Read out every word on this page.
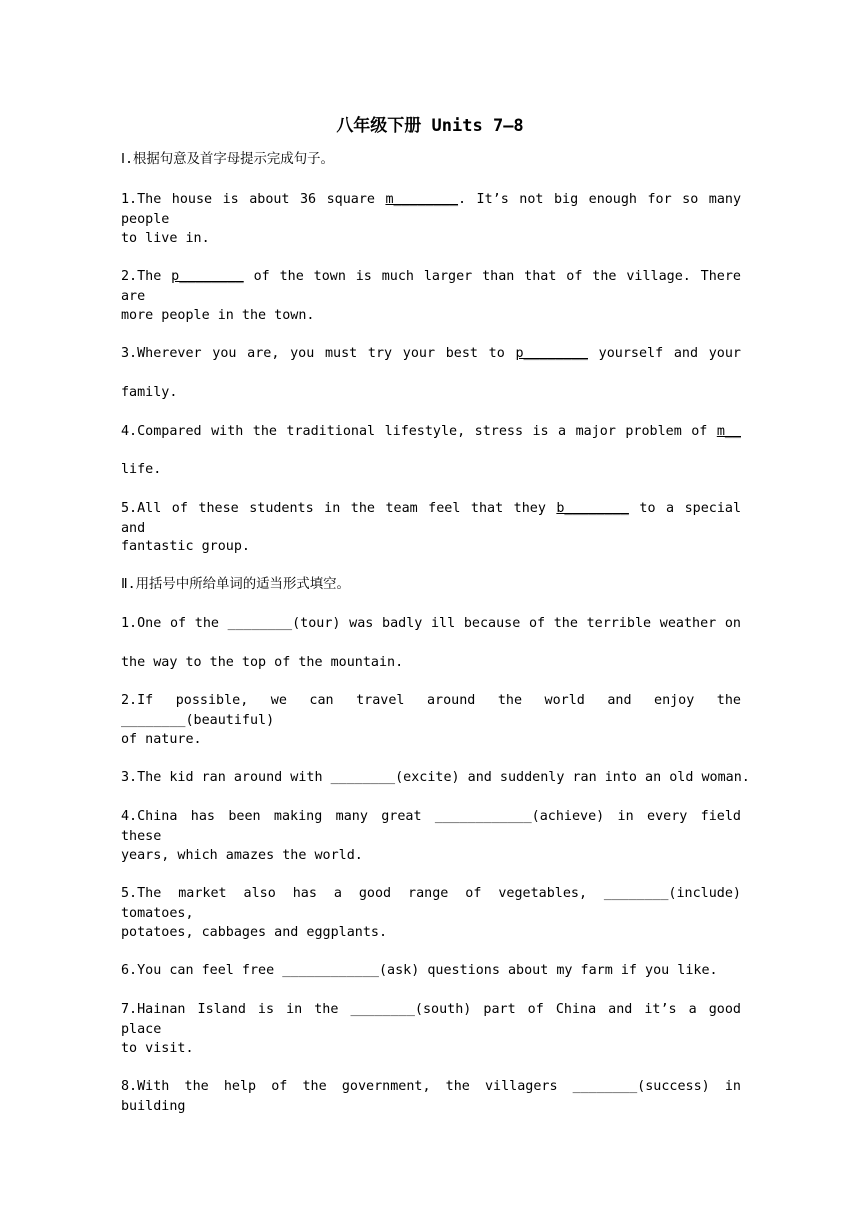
八年级下册 Units 7—8
Ⅰ.根据句意及首字母提示完成句子。
1.The house is about 36 square m________. It’s not big enough for so many people
to live in.
2.The p________ of the town is much larger than that of the village. There are
more people in the town.
3.Wherever you are, you must try your best to p________ yourself and your
family.
4.Compared with the traditional lifestyle, stress is a major problem of m__
life.
5.All of these students in the team feel that they b________ to a special and
fantastic group.
Ⅱ.用括号中所给单词的适当形式填空。
1.One of the ________(tour) was badly ill because of the terrible weather on
the way to the top of the mountain.
2.If possible, we can travel around the world and enjoy the ________(beautiful)
of nature.
3.The kid ran around with ________(excite) and suddenly ran into an old woman.
4.China has been making many great ____________(achieve) in every field these
years, which amazes the world.
5.The market also has a good range of vegetables, ________(include) tomatoes,
potatoes, cabbages and eggplants.
6.You can feel free ____________(ask) questions about my farm if you like.
7.Hainan Island is in the ________(south) part of China and it’s a good place
to visit.
8.With the help of the government, the villagers ________(success) in building
